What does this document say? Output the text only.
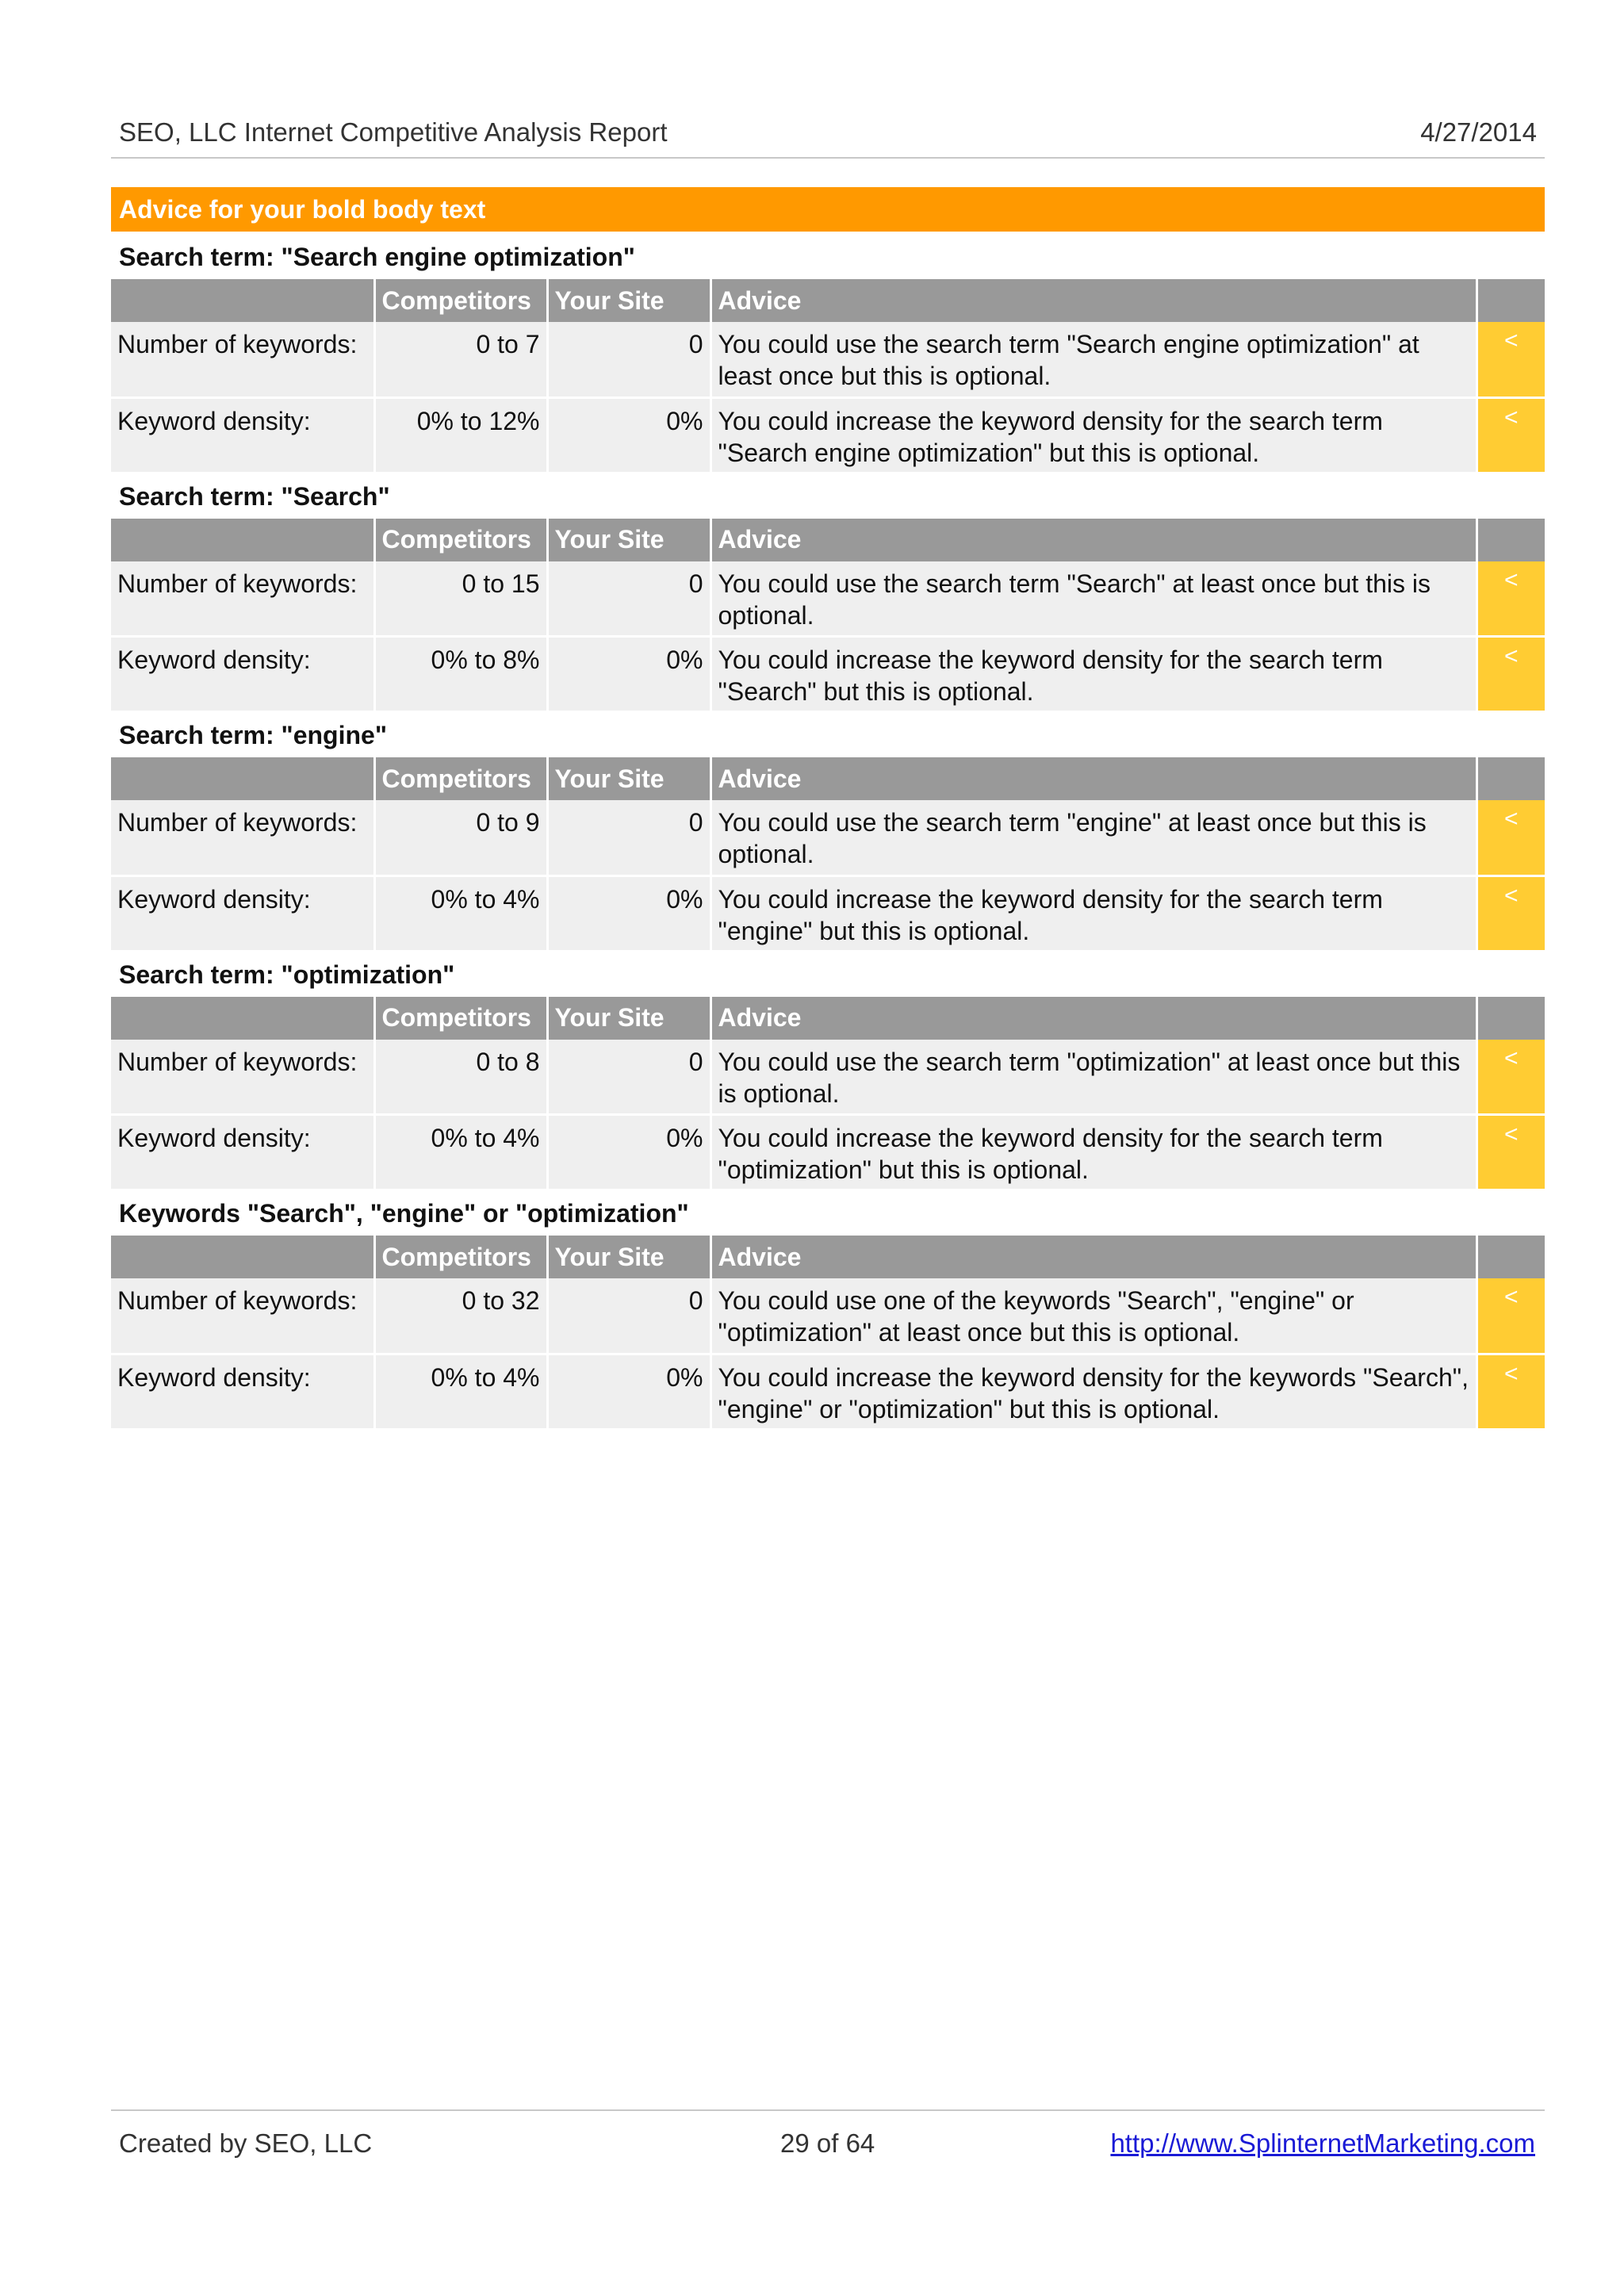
SEO, LLC Internet Competitive Analysis Report	4/27/2014
Advice for your bold body text
Search term: "Search engine optimization"
	Competitors	Your Site	Advice	
Number of keywords:	0 to 7	0	You could use the search term "Search engine optimization" at least once but this is optional.	<
Keyword density:	0% to 12%	0%	You could increase the keyword density for the search term "Search engine optimization" but this is optional.	<
Search term: "Search"
	Competitors	Your Site	Advice	
Number of keywords:	0 to 15	0	You could use the search term "Search" at least once but this is optional.	<
Keyword density:	0% to 8%	0%	You could increase the keyword density for the search term "Search" but this is optional.	<
Search term: "engine"
	Competitors	Your Site	Advice	
Number of keywords:	0 to 9	0	You could use the search term "engine" at least once but this is optional.	<
Keyword density:	0% to 4%	0%	You could increase the keyword density for the search term "engine" but this is optional.	<
Search term: "optimization"
	Competitors	Your Site	Advice	
Number of keywords:	0 to 8	0	You could use the search term "optimization" at least once but this is optional.	<
Keyword density:	0% to 4%	0%	You could increase the keyword density for the search term "optimization" but this is optional.	<
Keywords "Search", "engine" or "optimization"
	Competitors	Your Site	Advice	
Number of keywords:	0 to 32	0	You could use one of the keywords "Search", "engine" or "optimization" at least once but this is optional.	<
Keyword density:	0% to 4%	0%	You could increase the keyword density for the keywords "Search", "engine" or "optimization" but this is optional.	<
Created by SEO, LLC	29 of 64	http://www.SplinternetMarketing.com
